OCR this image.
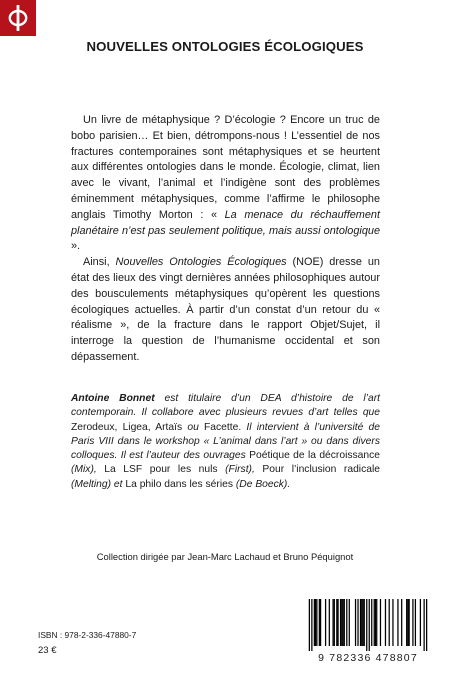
NOUVELLES ONTOLOGIES ÉCOLOGIQUES

Un livre de métaphysique ? D’écologie ? Encore un truc de bobo parisien… Et bien, détrompons-nous ! L’essentiel de nos fractures contemporaines sont métaphysiques et se heurtent aux différentes ontologies dans le monde. Écologie, climat, lien avec le vivant, l’animal et l’indigène sont des problèmes éminemment métaphysiques, comme l’affirme le philosophe anglais Timothy Morton : « La menace du réchauffement planétaire n’est pas seulement politique, mais aussi ontologique ».

Ainsi, Nouvelles Ontologies Écologiques (NOE) dresse un état des lieux des vingt dernières années philosophiques autour des bousculements métaphysiques qu’opèrent les questions écologiques actuelles. À partir d’un constat d’un retour du « réalisme », de la fracture dans le rapport Objet/Sujet, il interroge la question de l’humanisme occidental et son dépassement.

Antoine Bonnet est titulaire d’un DEA d’histoire de l’art contemporain. Il collabore avec plusieurs revues d’art telles que Zerodeux, Ligea, Artaïs ou Facette. Il intervient à l’université de Paris VIII dans le workshop « L’animal dans l’art » ou dans divers colloques. Il est l’auteur des ouvrages Poétique de la décroissance (Mix), La LSF pour les nuls (First), Pour l’inclusion radicale (Melting) et La philo dans les séries (De Boeck).
Collection dirigée par Jean-Marc Lachaud et Bruno Péquignot
ISBN : 978-2-336-47880-7
23 €
9 782336 478807
